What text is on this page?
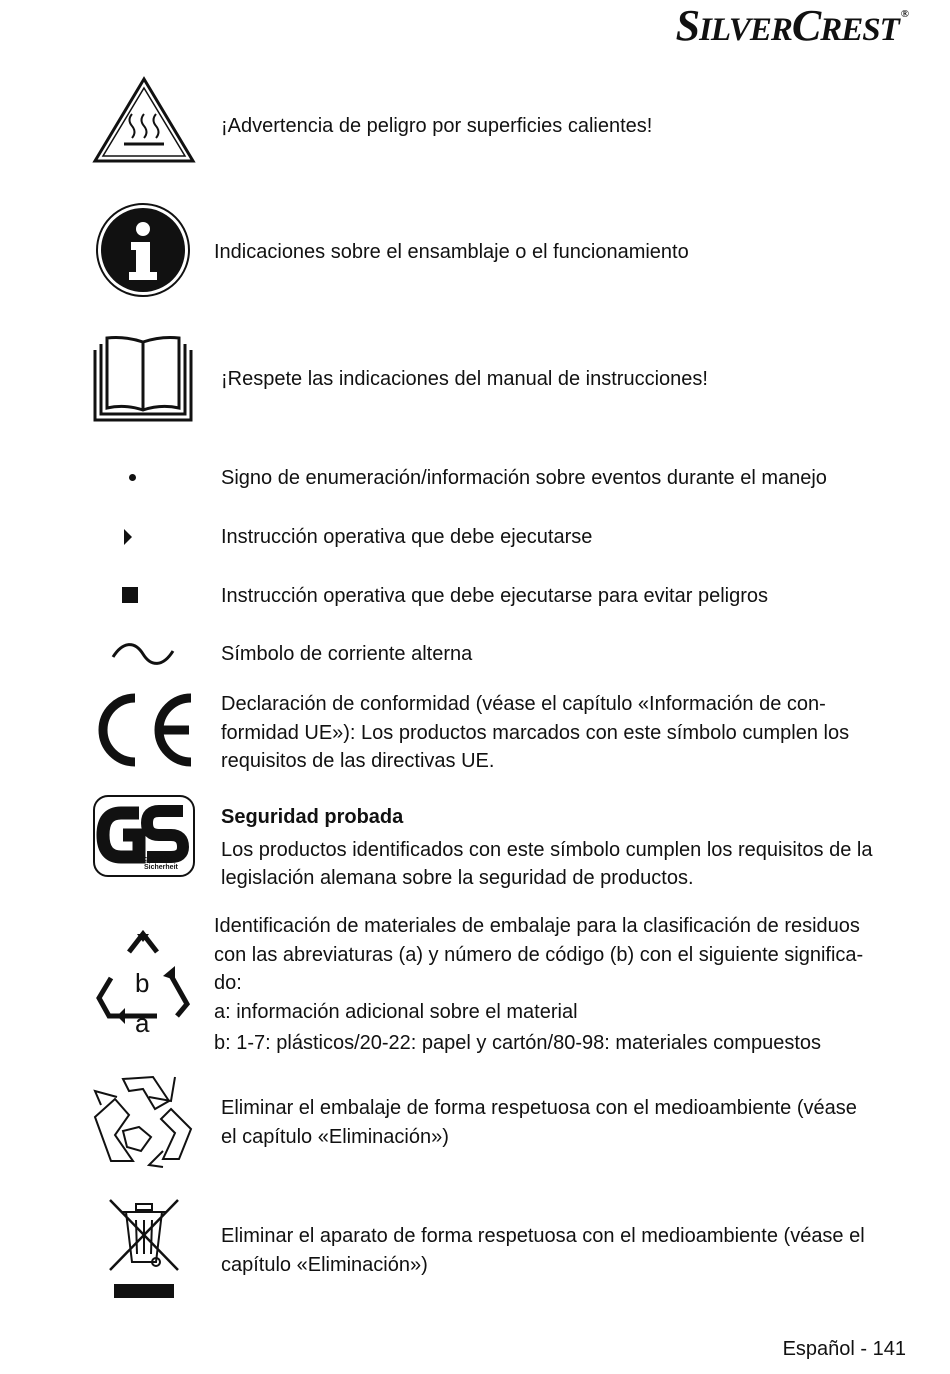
SILVERCREST ®
¡Advertencia de peligro por superficies calientes!
Indicaciones sobre el ensamblaje o el funcionamiento
¡Respete las indicaciones del manual de instrucciones!
Signo de enumeración/información sobre eventos durante el manejo
Instrucción operativa que debe ejecutarse
Instrucción operativa que debe ejecutarse para evitar peligros
Símbolo de corriente alterna
Declaración de conformidad (véase el capítulo «Información de con-
formidad UE»): Los productos marcados con este símbolo cumplen los
requisitos de las directivas UE.
geprüfte
Sicherheit
Seguridad probada
Los productos identificados con este símbolo cumplen los requisitos de la
legislación alemana sobre la seguridad de productos.
b
a
Identificación de materiales de embalaje para la clasificación de residuos
con las abreviaturas (a) y número de código (b) con el siguiente significa-
do:
a: información adicional sobre el material
b: 1-7: plásticos/20-22: papel y cartón/80-98: materiales compuestos
Eliminar el embalaje de forma respetuosa con el medioambiente (véase
el capítulo «Eliminación»)
Eliminar el aparato de forma respetuosa con el medioambiente (véase el
capítulo «Eliminación»)
Español - 141
